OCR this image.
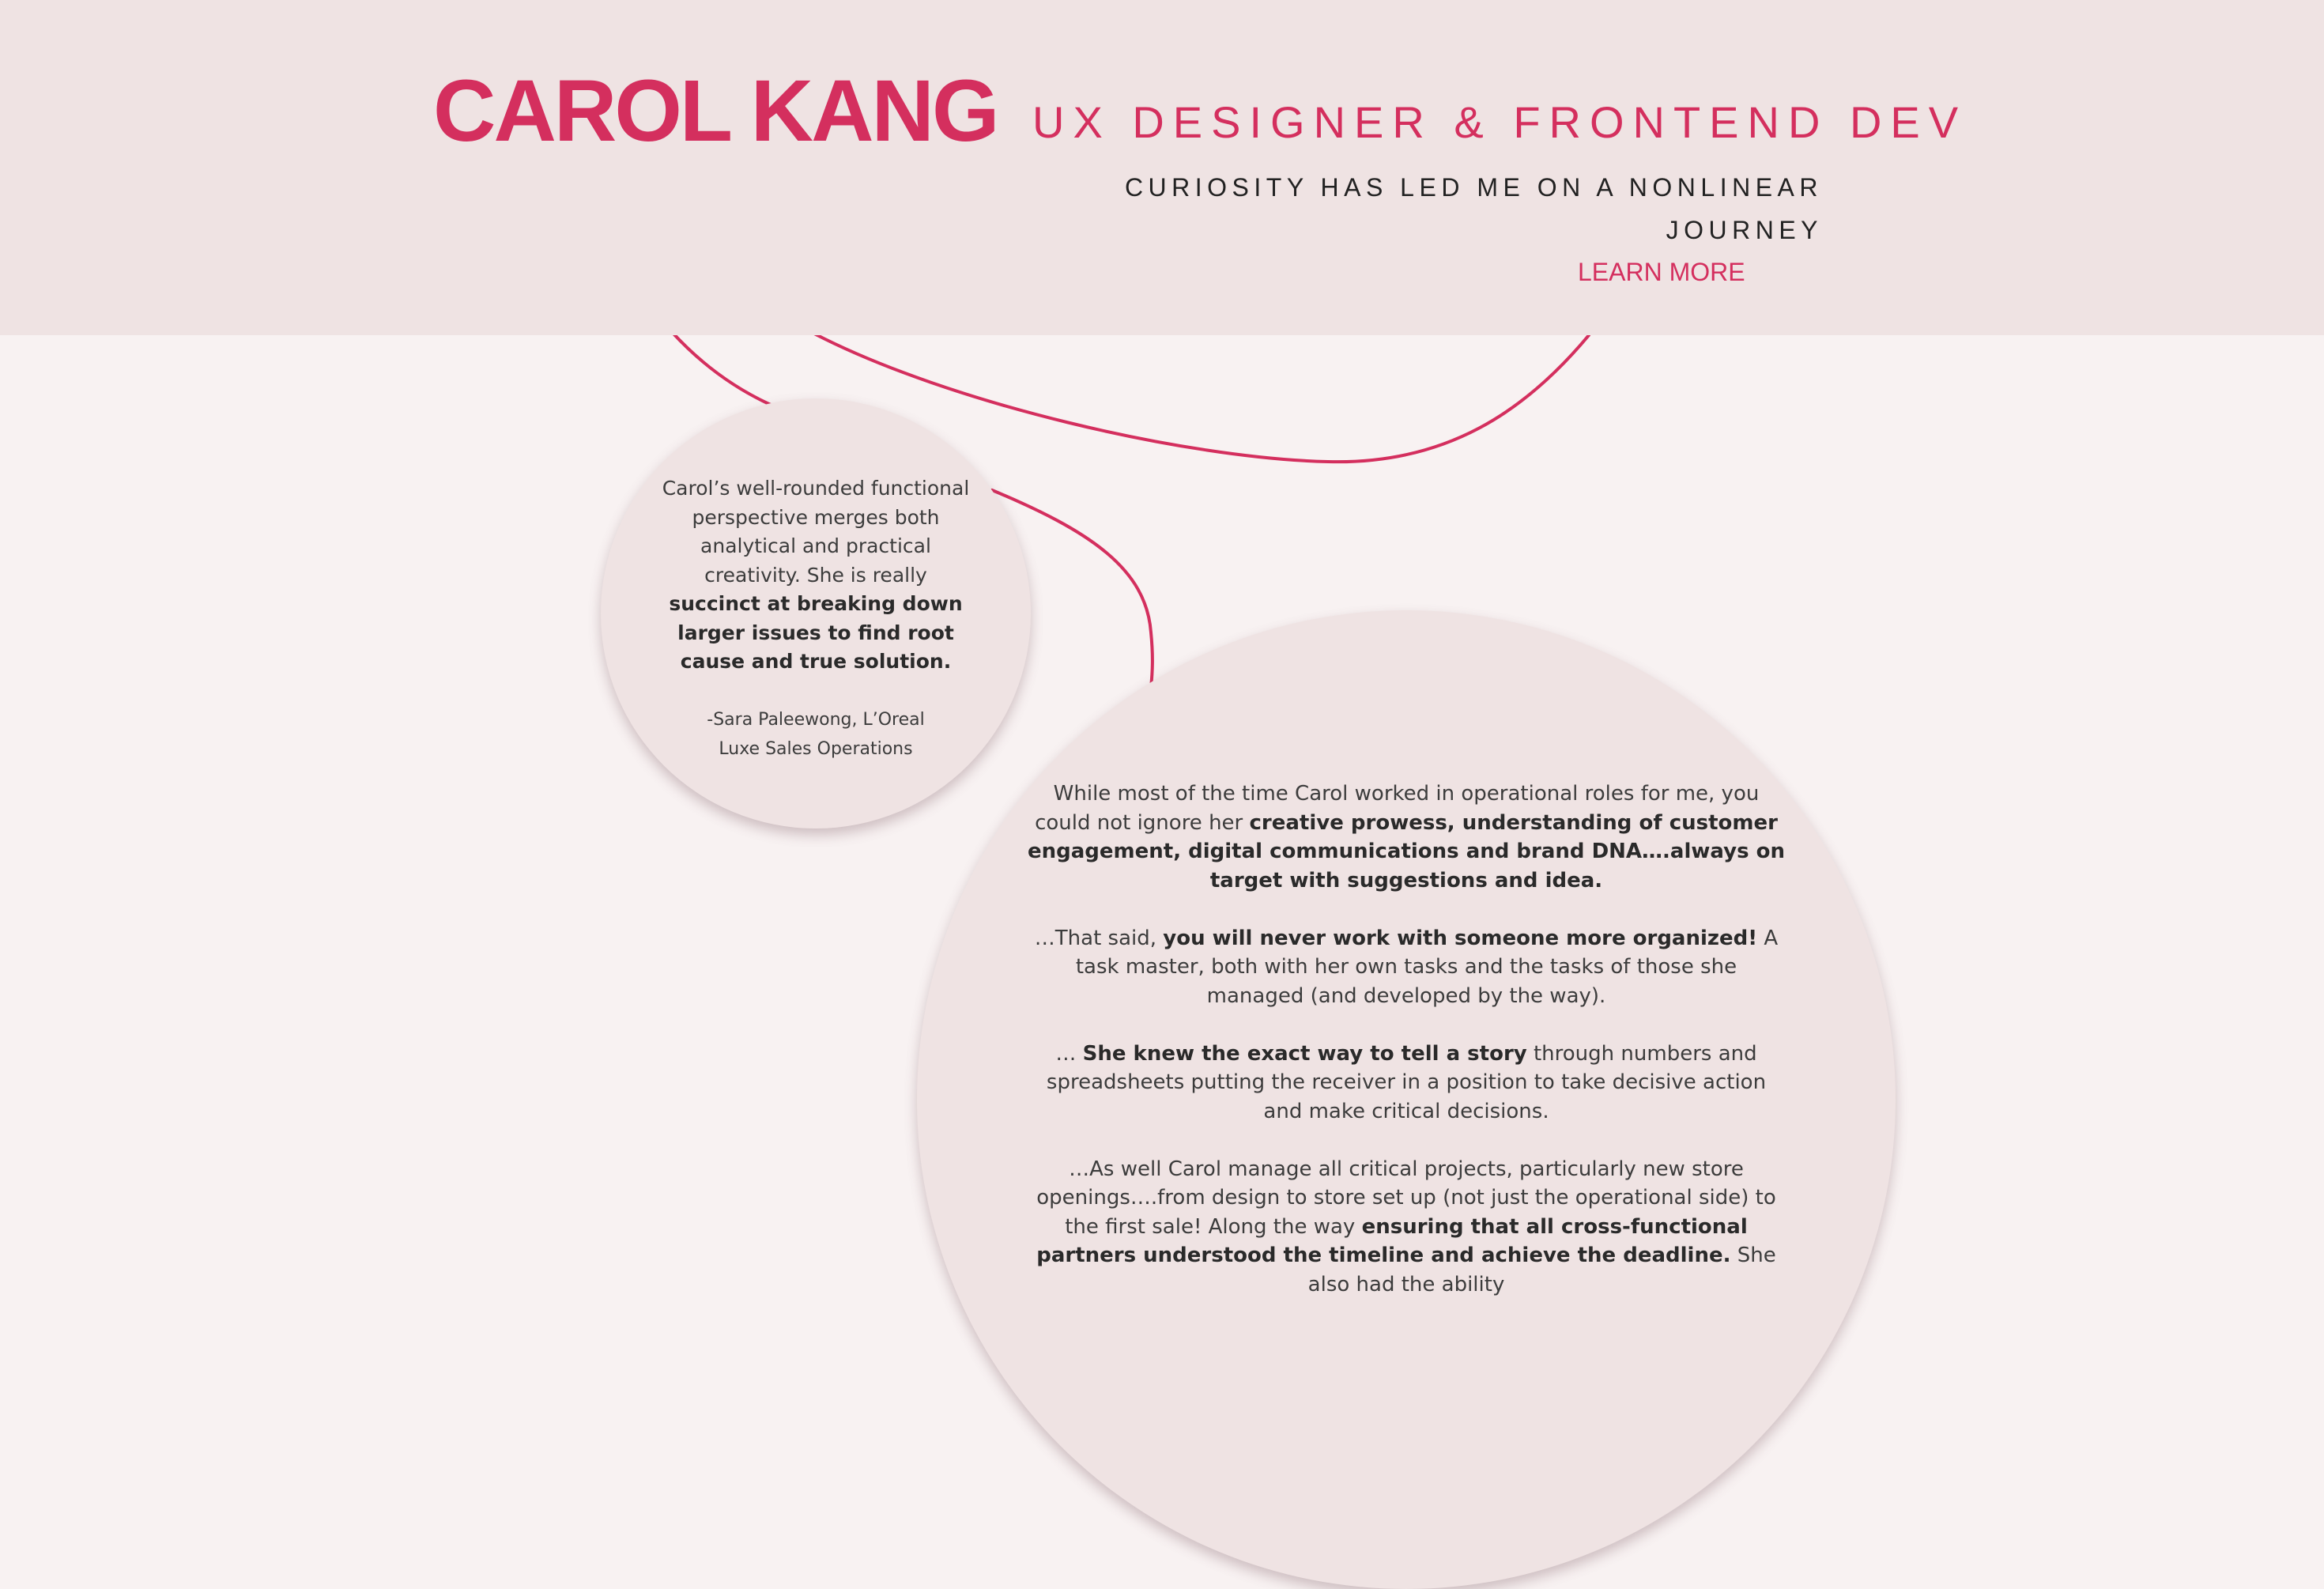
CAROL KANG UX DESIGNER & FRONTEND DEV

CURIOSITY HAS LED ME ON A NONLINEAR
JOURNEY

LEARN MORE
Carol’s well-rounded functional perspective merges both analytical and practical creativity. She is really succinct at breaking down larger issues to find root cause and true solution.
-Sara Paleewong, L’Oreal
Luxe Sales Operations

While most of the time Carol worked in operational roles for me, you could not ignore her creative prowess, understanding of customer engagement, digital communications and brand DNA….always on target with suggestions and idea.

…That said, you will never work with someone more organized! A task master, both with her own tasks and the tasks of those she managed (and developed by the way).

… She knew the exact way to tell a story through numbers and spreadsheets putting the receiver in a position to take decisive action and make critical decisions.

…As well Carol manage all critical projects, particularly new store openings….from design to store set up (not just the operational side) to the first sale! Along the way ensuring that all cross-functional partners understood the timeline and achieve the deadline. She also had the ability
